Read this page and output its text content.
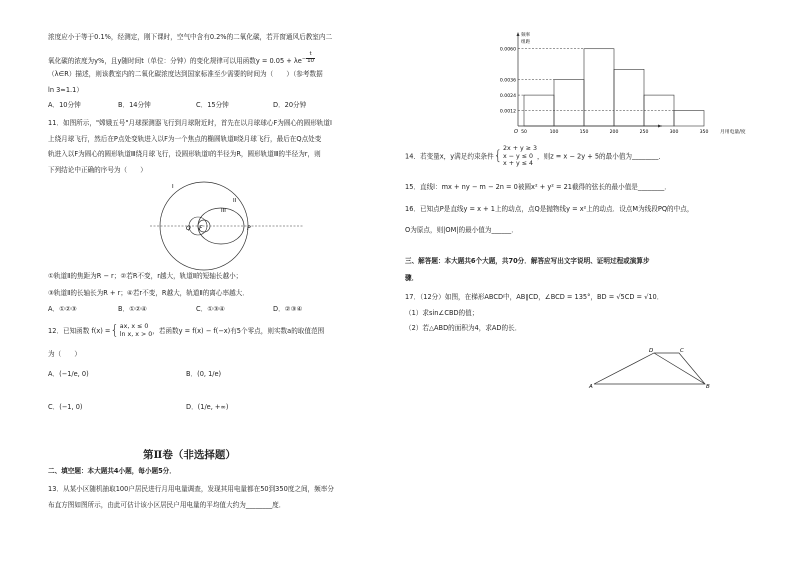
浓度应小于等于0.1%，经测定，刚下课时，空气中含有0.2%的二氧化碳，若开窗通风后教室内二
氧化碳的浓度为y%，且y随时间t（单位：分钟）的变化规律可以用函数$y = 0.05 + \lambda e^{- \frac{t}{10}}$
（λ∈R）描述，则该教室内的二氧化碳浓度达到国家标准至少需要的时间为（　　）（参考数据
ln 3≈1.1）
A．10分钟	B．14分钟	C．15分钟	D．20分钟
11．如图所示，"嫦娥五号"月球探测器飞行到月球附近时，首先在以月球球心F为圆心的圆形轨道Ⅰ
上绕月球飞行，然后在P点处变轨进入以F为一个焦点的椭圆轨道Ⅱ绕月球飞行，最后在Q点处变
轨进入以F为圆心的圆形轨道Ⅲ绕月球飞行，设圆形轨道Ⅰ的半径为R，圆形轨道Ⅲ的半径为r，则
下列结论中正确的序号为（　　）
I
II
III
Q F	P
①轨道Ⅱ的焦距为R − r；②若R不变，r越大，轨道Ⅱ的短轴长越小；
③轨道Ⅱ的长轴长为R + r；④若r不变，R越大，轨道Ⅱ的离心率越大．
A．①②③	B．①②④	C．①③④	D．②③④
12．已知函数 f(x) ={ ax, x ≤ 0
ln x, x > 0 ，若函数y = f(x) − f(−x)有5个零点，则实数a的取值范围
为（　　）
A．(−1/e, 0)	B．(0, 1/e)
C．(−1, 0)	D．(1/e, +∞)
第Ⅱ卷（非选择题）
二、填空题：本大题共4小题，每小题5分．
13．从某小区随机抽取100户居民进行月用电量调查，发现其用电量都在50到350度之间，频率分
布直方图如图所示，由此可估计该小区居民户用电量的平均值大约为________度．
0.0060
0.0036
0.0024
0.0012
50	100	150	200	250	300	350
O	月用电量/度
频率
组距
14．若变量x，y满足约束条件{
2x + y ≥ 3
x − y ≤ 0
x + y ≤ 4
，则z = x − 2y + 5的最小值为________．
15．直线l：mx + ny − m − 2n = 0被圆x² + y² = 21截得的弦长的最小值是________．
16．已知点P是直线y = x + 1上的动点，点Q是抛物线y = x²上的动点．设点M为线段PQ的中点，
O为原点，则|OM|的最小值为______．
三、解答题：本大题共6个大题，共70分．解答应写出文字说明、证明过程或演算步
骤．
17．（12分）如图，在梯形ABCD中，AB∥CD，∠BCD = 135°，BD = √5CD = √10．
（1）求sin∠CBD的值；
（2）若△ABD的面积为4，求AD的长．
A	B
C
D
